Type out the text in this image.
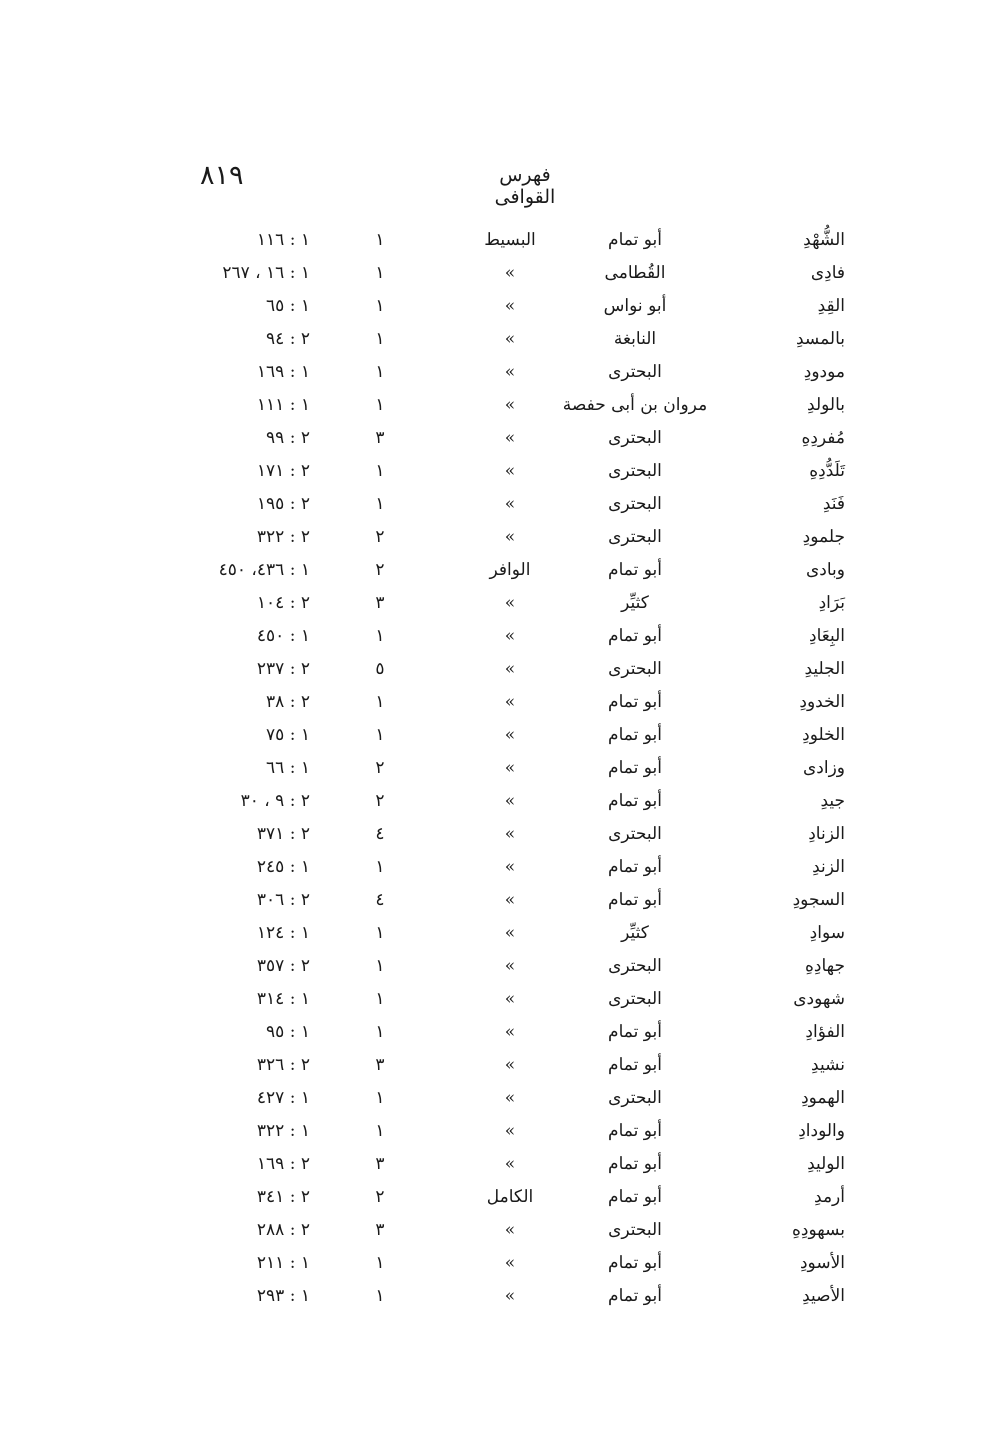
٨١٩	فهرس القوافى
الشُّهْدِ
أبو تمام
البسيط
١
١ : ١١٦
فادِى
القُطامى
»
١
١ : ١٦ ، ٢٦٧
القِدِ
أبو نواس
»
١
١ : ٦٥
بالمسدِ
النابغة
»
١
٢ : ٩٤
مودودِ
البحترى
»
١
١ : ١٦٩
بالولدِ
مروان بن أبى حفصة
»
١
١ : ١١١
مُفردِهِ
البحترى
»
٣
٢ : ٩٩
تَلَدُّدِهِ
البحترى
»
١
٢ : ١٧١
فَنَدِ
البحترى
»
١
٢ : ١٩٥
جلمودِ
البحترى
»
٢
٢ : ٣٢٢
وبادى
أبو تمام
الوافر
٢
١ : ٤٣٦، ٤٥٠
بَرَادِ
كثيِّر
»
٣
٢ : ١٠٤
البِعَادِ
أبو تمام
»
١
١ : ٤٥٠
الجليدِ
البحترى
»
٥
٢ : ٢٣٧
الخدودِ
أبو تمام
»
١
٢ : ٣٨
الخلودِ
أبو تمام
»
١
١ : ٧٥
وزادى
أبو تمام
»
٢
١ : ٦٦
جيدِ
أبو تمام
»
٢
٢ : ٩ ، ٣٠
الزنادِ
البحترى
»
٤
٢ : ٣٧١
الزندِ
أبو تمام
»
١
١ : ٢٤٥
السجودِ
أبو تمام
»
٤
٢ : ٣٠٦
سوادِ
كثيِّر
»
١
١ : ١٢٤
جهادِهِ
البحترى
»
١
٢ : ٣٥٧
شهودى
البحترى
»
١
١ : ٣١٤
الفؤادِ
أبو تمام
»
١
١ : ٩٥
نشيدِ
أبو تمام
»
٣
٢ : ٣٢٦
الهمودِ
البحترى
»
١
١ : ٤٢٧
والودادِ
أبو تمام
»
١
١ : ٣٢٢
الوليدِ
أبو تمام
»
٣
٢ : ١٦٩
أرمدِ
أبو تمام
الكامل
٢
٢ : ٣٤١
بسهودِهِ
البحترى
»
٣
٢ : ٢٨٨
الأسودِ
أبو تمام
»
١
١ : ٢١١
الأصيدِ
أبو تمام
»
١
١ : ٢٩٣
